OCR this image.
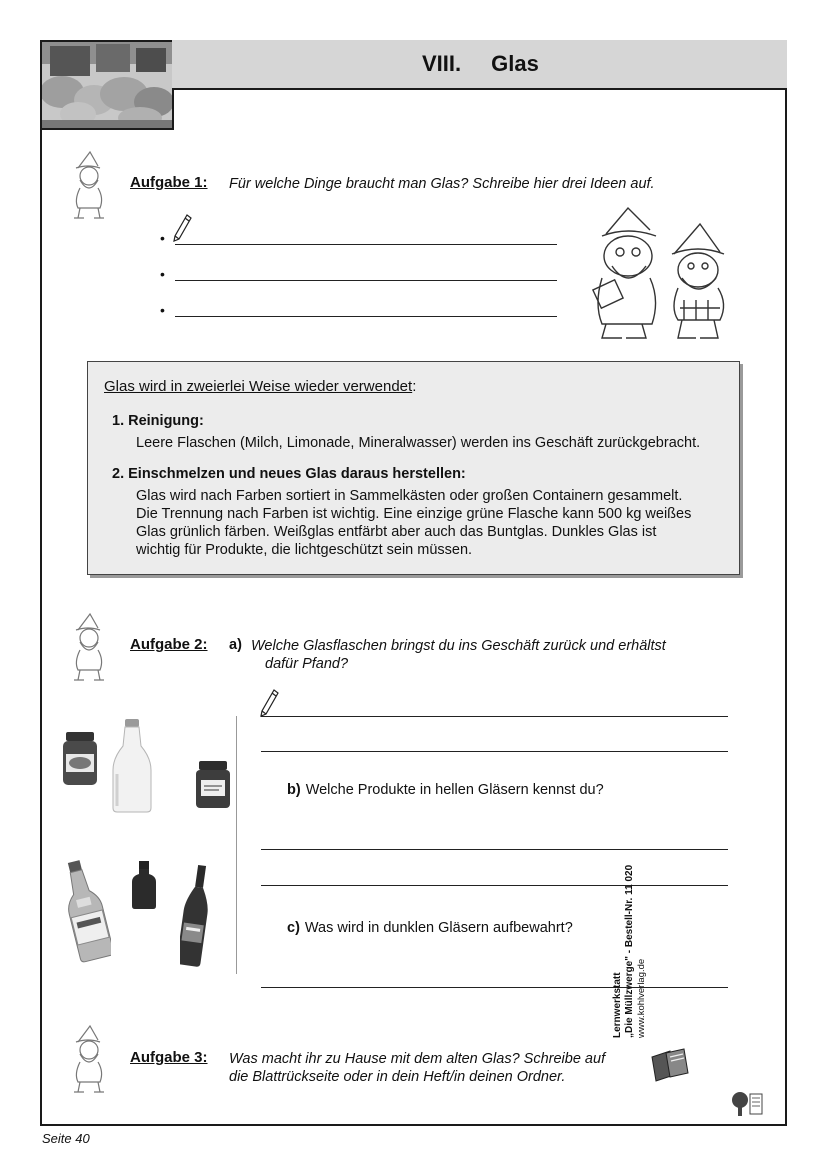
VIII. Glas
Aufgabe 1: Für welche Dinge braucht man Glas? Schreibe hier drei Ideen auf.
•
•
•
Glas wird in zweierlei Weise wieder verwendet:
1. Reinigung:
Leere Flaschen (Milch, Limonade, Mineralwasser) werden ins Geschäft zurückgebracht.
2. Einschmelzen und neues Glas daraus herstellen:
Glas wird nach Farben sortiert in Sammelkästen oder großen Containern gesammelt.
Die Trennung nach Farben ist wichtig. Eine einzige grüne Flasche kann 500 kg weißes
Glas grünlich färben. Weißglas entfärbt aber auch das Buntglas. Dunkles Glas ist
wichtig für Produkte, die lichtgeschützt sein müssen.
Aufgabe 2: a) Welche Glasflaschen bringst du ins Geschäft zurück und erhältst
dafür Pfand?
b) Welche Produkte in hellen Gläsern kennst du?
c) Was wird in dunklen Gläsern aufbewahrt?
Aufgabe 3: Was macht ihr zu Hause mit dem alten Glas? Schreibe auf
die Blattrückseite oder in dein Heft/in deinen Ordner.
Lernwerkstatt „Die Müllzwerge" - Bestell-Nr. 11 020 www.kohlverlag.de
Seite 40
